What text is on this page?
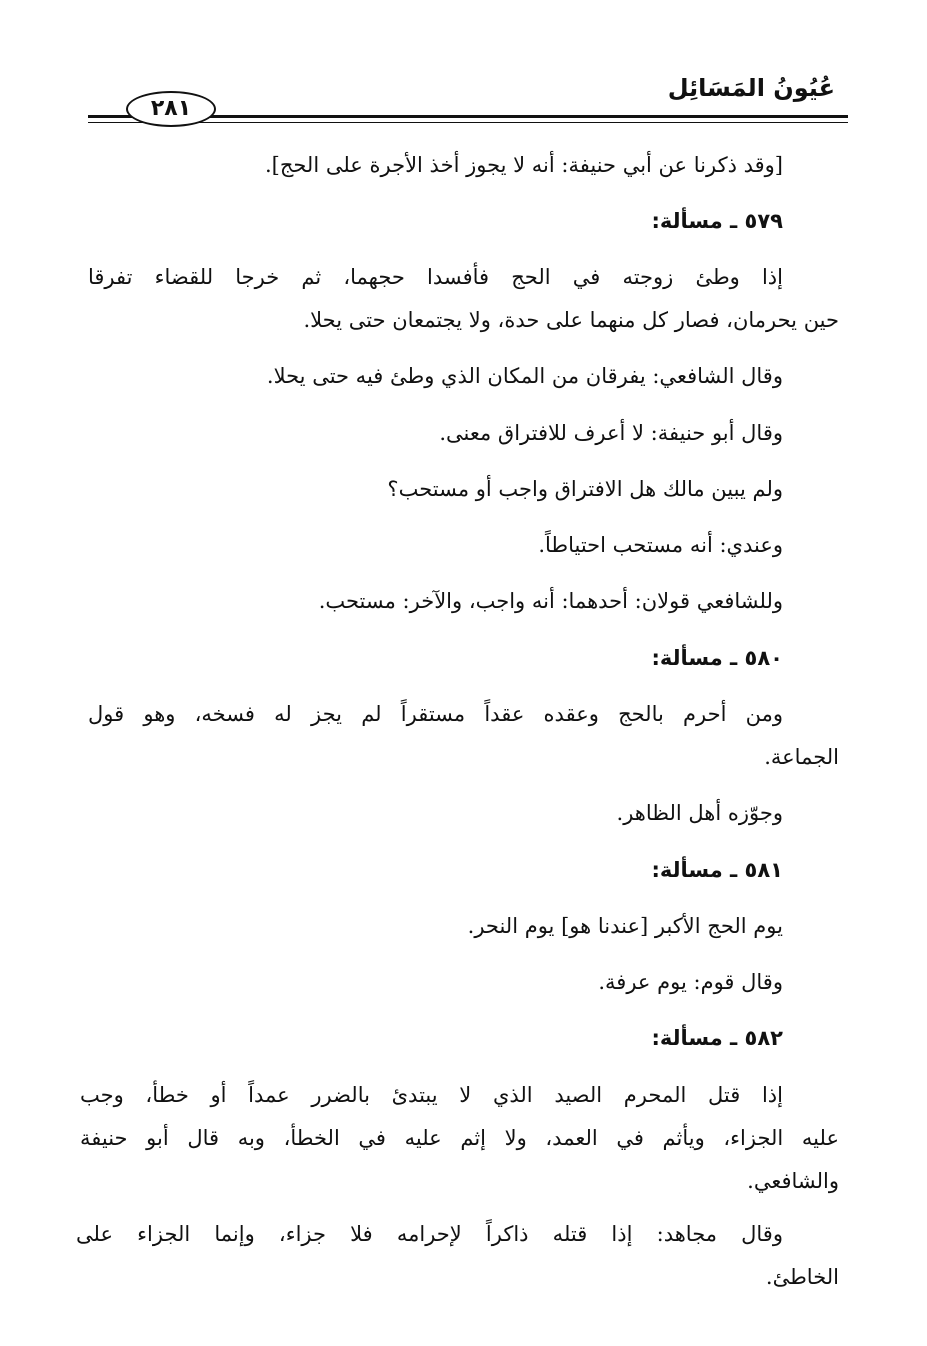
عُيُونُ المَسَائِل
٢٨١
[وقد ذكرنا عن أبي حنيفة: أنه لا يجوز أخذ الأجرة على الحج].
٥٧٩ ـ مسألة:
إذا وطئ زوجته في الحج فأفسدا حجهما، ثم خرجا للقضاء تفرقا
حين يحرمان، فصار كل منهما على حدة، ولا يجتمعان حتى يحلا.
وقال الشافعي: يفرقان من المكان الذي وطئ فيه حتى يحلا.
وقال أبو حنيفة: لا أعرف للافتراق معنى.
ولم يبين مالك هل الافتراق واجب أو مستحب؟
وعندي: أنه مستحب احتياطاً.
وللشافعي قولان: أحدهما: أنه واجب، والآخر: مستحب.
٥٨٠ ـ مسألة:
ومن أحرم بالحج وعقده عقداً مستقراً لم يجز له فسخه، وهو قول
الجماعة.
وجوّزه أهل الظاهر.
٥٨١ ـ مسألة:
يوم الحج الأكبر [عندنا هو] يوم النحر.
وقال قوم: يوم عرفة.
٥٨٢ ـ مسألة:
إذا قتل المحرم الصيد الذي لا يبتدئ بالضرر عمداً أو خطأ، وجب
عليه الجزاء، ويأثم في العمد، ولا إثم عليه في الخطأ، وبه قال أبو حنيفة
والشافعي.
وقال مجاهد: إذا قتله ذاكراً لإحرامه فلا جزاء، وإنما الجزاء على
الخاطئ.
